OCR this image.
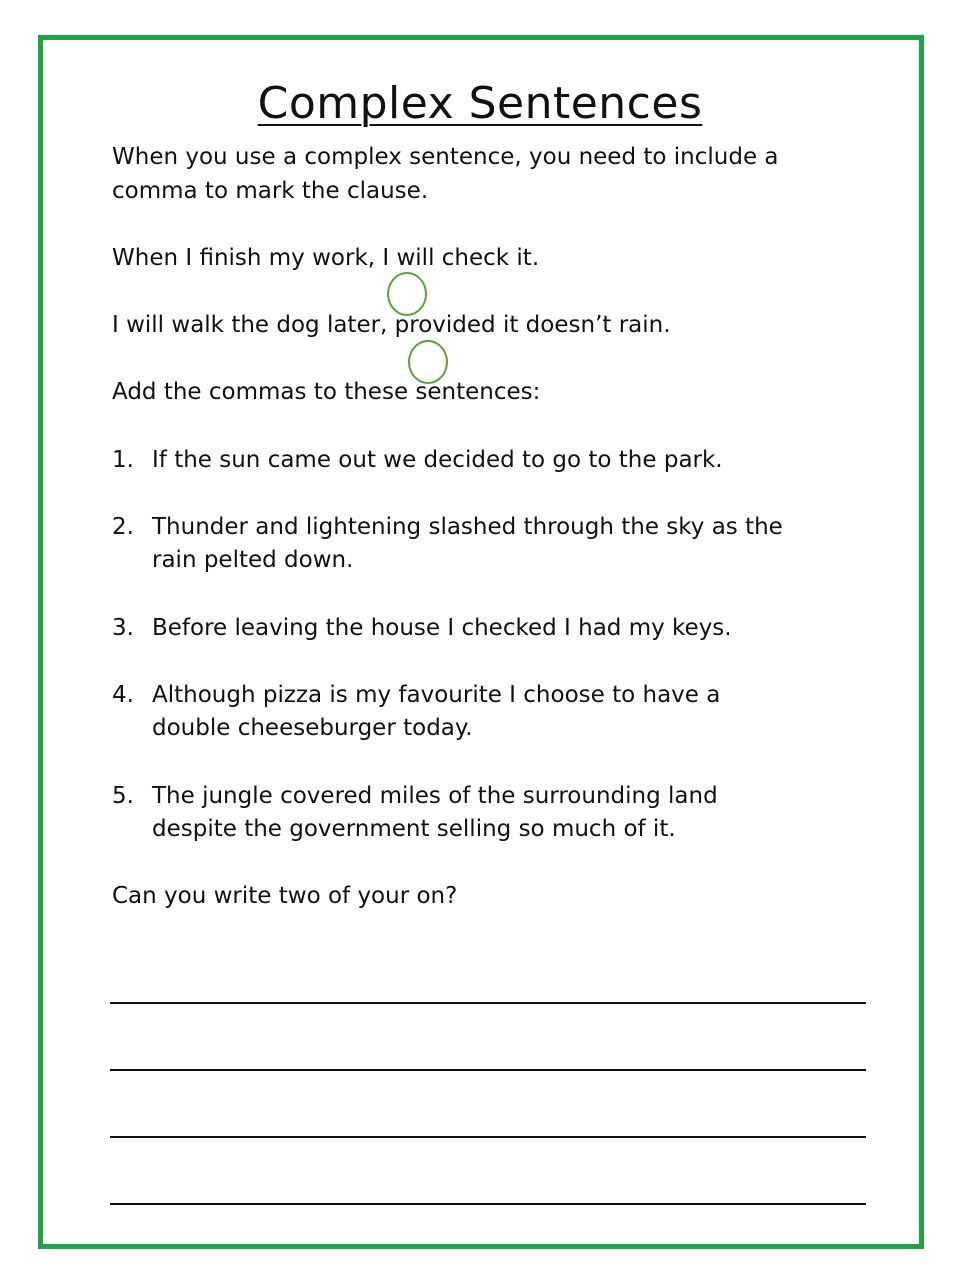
Complex Sentences
When you use a complex sentence, you need to include a
comma to mark the clause.
When I finish my work, I will check it.
I will walk the dog later, provided it doesn’t rain.
Add the commas to these sentences:
1. If the sun came out we decided to go to the park.
2. Thunder and lightening slashed through the sky as the
rain pelted down.
3. Before leaving the house I checked I had my keys.
4. Although pizza is my favourite I choose to have a
double cheeseburger today.
5. The jungle covered miles of the surrounding land
despite the government selling so much of it.
Can you write two of your on?
